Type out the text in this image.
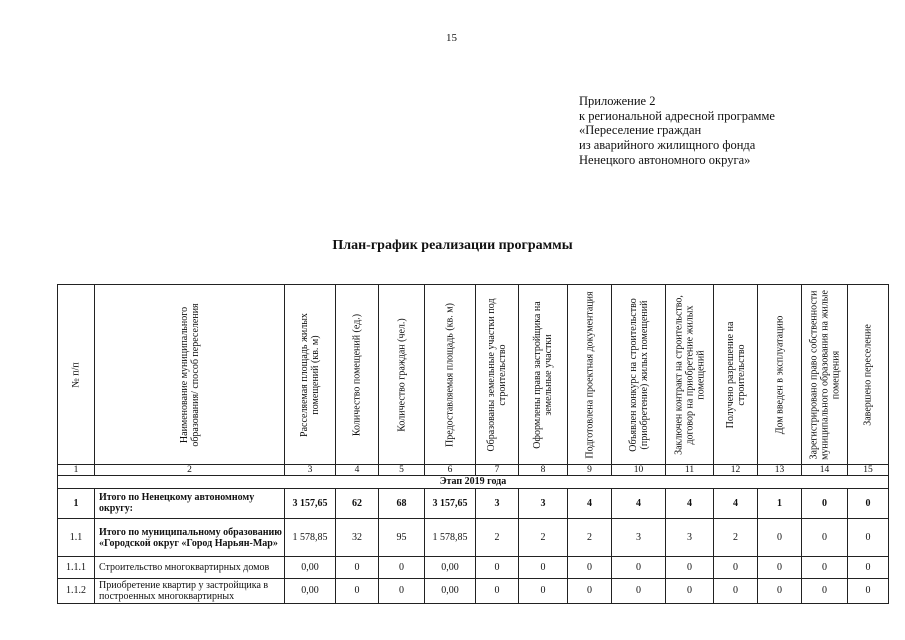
15
Приложение 2
к региональной адресной программе
«Переселение граждан
из аварийного жилищного фонда
Ненецкого автономного округа»
План-график реализации программы
№ п/п	Наименование муниципального образования/ способ переселения	Расселяемая площадь жилых помещений (кв. м)	Количество помещений (ед.)	Количество граждан (чел.)	Предоставляемая площадь (кв. м)	Образованы земельные участки под строительство	Оформлены права застройщика на земельные участки	Подготовлена проектная документация	Объявлен конкурс на строительство (приобретение) жилых помещений	Заключен контракт на строительство, договор на приобретение жилых помещений	Получено разрешение на строительство	Дом введен в эксплуатацию	Зарегистрировано право собственности муниципального образования на жилые помещения	Завершено переселение

1	2	3	4	5	6	7	8	9	10	11	12	13	14	15
Этап 2019 года														
1	Итого по Ненецкому автономному округу:	3 157,65	62	68	3 157,65	3	3	4	4	4	4	1	0	0
1.1	Итого по муниципальному образованию «Городской округ «Город Нарьян-Мар»	1 578,85	32	95	1 578,85	2	2	2	3	3	2	0	0	0
1.1.1	Строительство многоквартирных домов	0,00	0	0	0,00	0	0	0	0	0	0	0	0	0
1.1.2	Приобретение квартир у застройщика в построенных многоквартирных	0,00	0	0	0,00	0	0	0	0	0	0	0	0	0
